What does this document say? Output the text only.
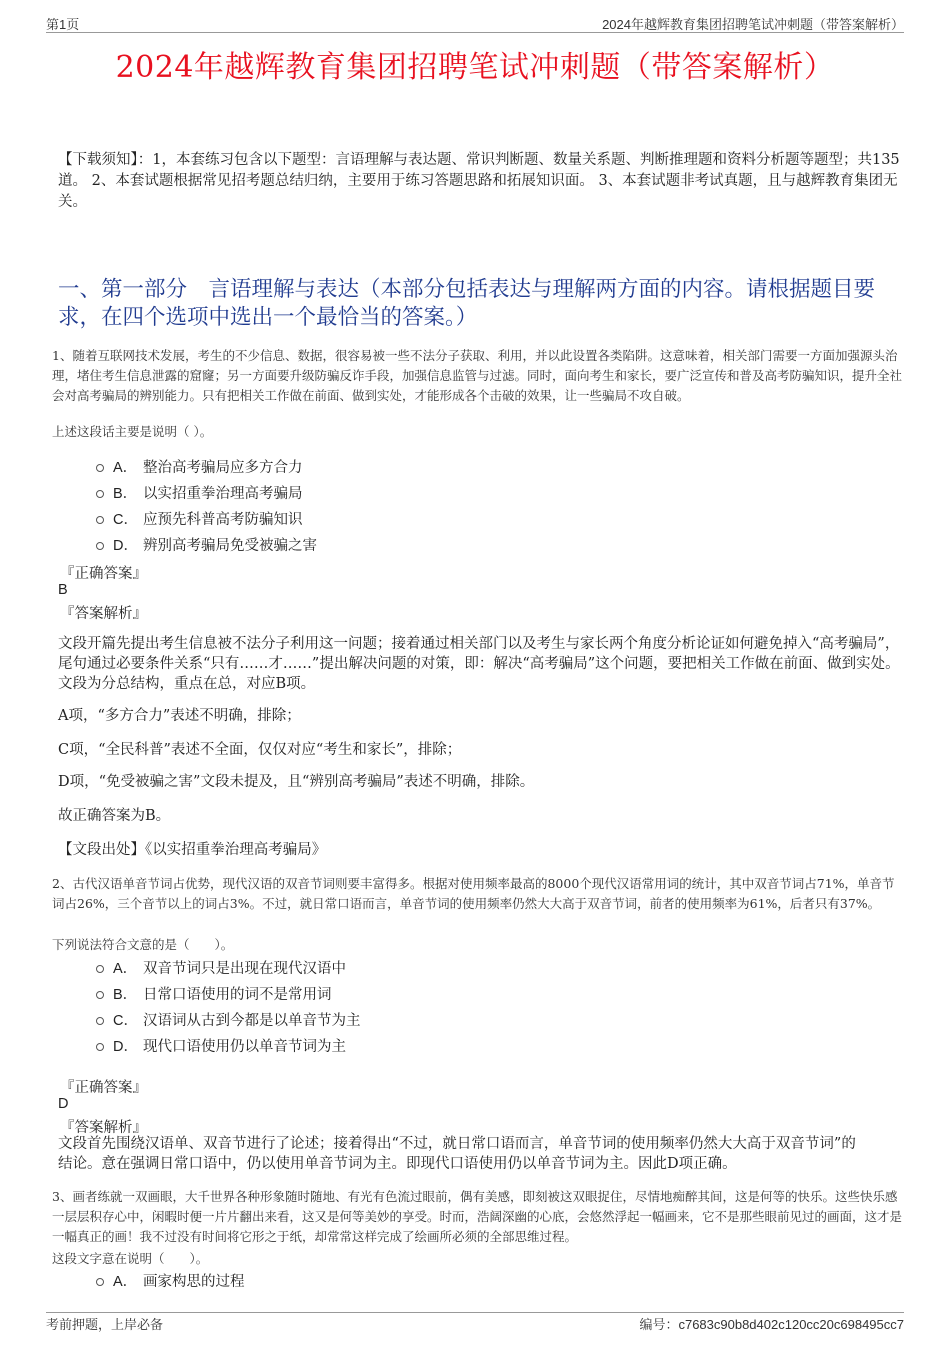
第1页	2024年越辉教育集团招聘笔试冲刺题（带答案解析）
2024年越辉教育集团招聘笔试冲刺题（带答案解析）
【下载须知】：1，本套练习包含以下题型：言语理解与表达题、常识判断题、数量关系题、判断推理题和资料分析题等题型；共135道。 2、本套试题根据常见招考题总结归纳，主要用于练习答题思路和拓展知识面。 3、本套试题非考试真题，且与越辉教育集团无关。
一、第一部分　言语理解与表达（本部分包括表达与理解两方面的内容。请根据题目要求，在四个选项中选出一个最恰当的答案。）
1、随着互联网技术发展，考生的不少信息、数据，很容易被一些不法分子获取、利用，并以此设置各类陷阱。这意味着，相关部门需要一方面加强源头治理，堵住考生信息泄露的窟窿；另一方面要升级防骗反诈手段，加强信息监管与过滤。同时，面向考生和家长，要广泛宣传和普及高考防骗知识，提升全社会对高考骗局的辨别能力。只有把相关工作做在前面、做到实处，才能形成各个击破的效果，让一些骗局不攻自破。
上述这段话主要是说明（ ）。
A． 整治高考骗局应多方合力
B． 以实招重拳治理高考骗局
C． 应预先科普高考防骗知识
D． 辨别高考骗局免受被骗之害
『正确答案』
B
『答案解析』
文段开篇先提出考生信息被不法分子利用这一问题；接着通过相关部门以及考生与家长两个角度分析论证如何避免掉入“高考骗局”，尾句通过必要条件关系“只有……才……”提出解决问题的对策，即：解决“高考骗局”这个问题，要把相关工作做在前面、做到实处。文段为分总结构，重点在总，对应B项。
A项，“多方合力”表述不明确，排除；
C项，“全民科普”表述不全面，仅仅对应“考生和家长”，排除；
D项，“免受被骗之害”文段未提及，且“辨别高考骗局”表述不明确，排除。
故正确答案为B。
【文段出处】《以实招重拳治理高考骗局》
2、古代汉语单音节词占优势，现代汉语的双音节词则要丰富得多。根据对使用频率最高的8000个现代汉语常用词的统计，其中双音节词占71%，单音节词占26%，三个音节以上的词占3%。不过，就日常口语而言，单音节词的使用频率仍然大大高于双音节词，前者的使用频率为61%，后者只有37%。
下列说法符合文意的是（　　）。
A． 双音节词只是出现在现代汉语中
B． 日常口语使用的词不是常用词
C． 汉语词从古到今都是以单音节为主
D． 现代口语使用仍以单音节词为主
『正确答案』
D
『答案解析』
文段首先围绕汉语单、双音节进行了论述；接着得出“不过，就日常口语而言，单音节词的使用频率仍然大大高于双音节词”的结论。意在强调日常口语中，仍以使用单音节词为主。即现代口语使用仍以单音节词为主。因此D项正确。
3、画者练就一双画眼，大千世界各种形象随时随地、有光有色流过眼前，偶有美感，即刻被这双眼捉住，尽情地痴醉其间，这是何等的快乐。这些快乐感一层层积存心中，闲暇时便一片片翻出来看，这又是何等美妙的享受。时而，浩阔深幽的心底，会悠然浮起一幅画来，它不是那些眼前见过的画面，这才是一幅真正的画！我不过没有时间将它形之于纸，却常常这样完成了绘画所必须的全部思维过程。
这段文字意在说明（　　）。
A． 画家构思的过程
考前押题，上岸必备	编号：c7683c90b8d402c120cc20c698495cc7
